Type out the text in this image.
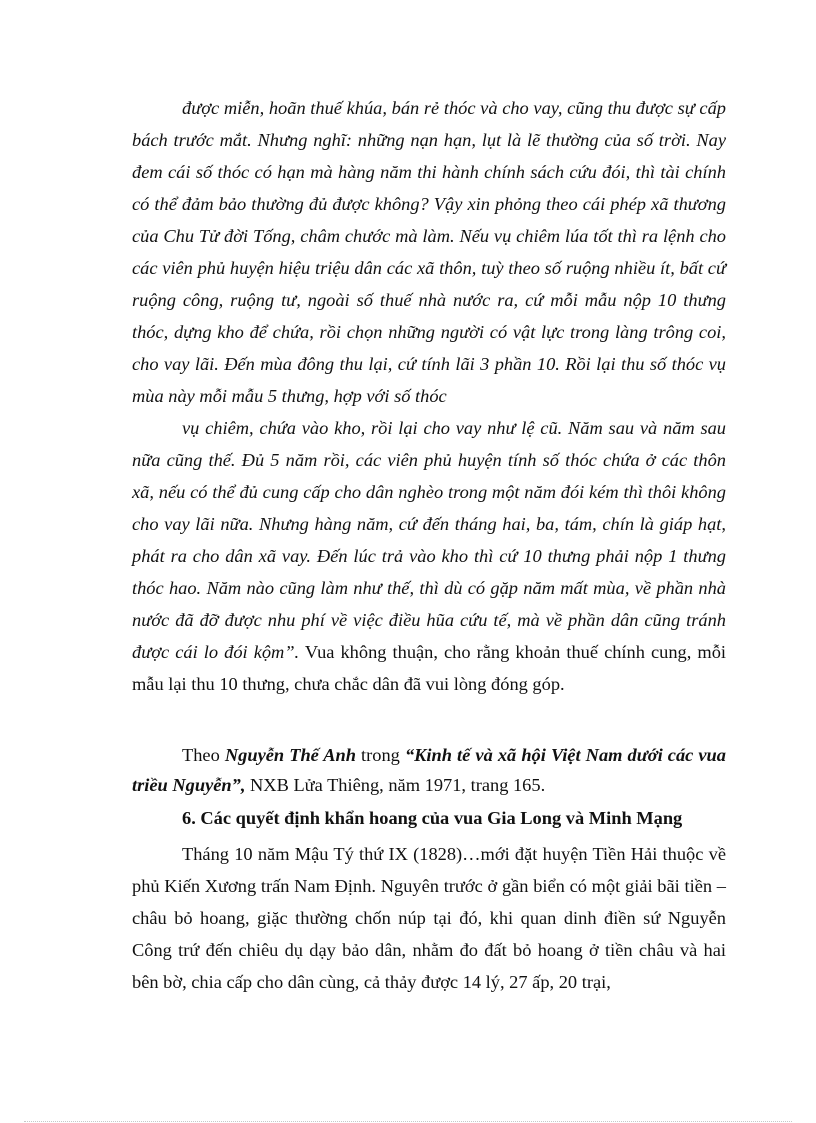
được miễn, hoãn thuế khúa, bán rẻ thóc và cho vay, cũng thu được sự cấp bách trước mắt. Nhưng nghĩ: những nạn hạn, lụt là lẽ thường của số trời. Nay đem cái số thóc có hạn mà hàng năm thi hành chính sách cứu đói, thì tài chính có thể đảm bảo thường đủ được không? Vậy xin phỏng theo cái phép xã thương của Chu Tử đời Tống, châm chước mà làm. Nếu vụ chiêm lúa tốt thì ra lệnh cho các viên phủ huyện hiệu triệu dân các xã thôn, tuỳ theo số ruộng nhiều ít, bất cứ ruộng công, ruộng tư, ngoài số thuế nhà nước ra, cứ mỗi mẫu nộp 10 thưng thóc, dựng kho để chứa, rồi chọn những người có vật lực trong làng trông coi, cho vay lãi. Đến mùa đông thu lại, cứ tính lãi 3 phần 10. Rồi lại thu số thóc vụ mùa này mỗi mẫu 5 thưng, hợp với số thóc

vụ chiêm, chứa vào kho, rồi lại cho vay như lệ cũ. Năm sau và năm sau nữa cũng thế. Đủ 5 năm rồi, các viên phủ huyện tính số thóc chứa ở các thôn xã, nếu có thể đủ cung cấp cho dân nghèo trong một năm đói kém thì thôi không cho vay lãi nữa. Nhưng hàng năm, cứ đến tháng hai, ba, tám, chín là giáp hạt, phát ra cho dân xã vay. Đến lúc trả vào kho thì cứ 10 thưng phải nộp 1 thưng thóc hao. Năm nào cũng làm như thế, thì dù có gặp năm mất mùa, về phần nhà nước đã đỡ được nhu phí về việc điều hũa cứu tế, mà về phần dân cũng tránh được cái lo đói kộm”. Vua không thuận, cho rằng khoản thuế chính cung, mỗi mẫu lại thu 10 thưng, chưa chắc dân đã vui lòng đóng góp.

Theo Nguyễn Thế Anh trong “Kinh tế và xã hội Việt Nam dưới các vua triều Nguyễn”, NXB Lửa Thiêng, năm 1971, trang 165.

6. Các quyết định khẩn hoang của vua Gia Long và Minh Mạng

Tháng 10 năm Mậu Tý thứ IX (1828)…mới đặt huyện Tiền Hải thuộc về phủ Kiến Xương trấn Nam Định. Nguyên trước ở gần biển có một giải bãi tiền – châu bỏ hoang, giặc thường chốn núp tại đó, khi quan dinh điền sứ Nguyễn Công trứ đến chiêu dụ dạy bảo dân, nhằm đo đất bỏ hoang ở tiền châu và hai bên bờ, chia cấp cho dân cùng, cả thảy được 14 lý, 27 ấp, 20 trại,
